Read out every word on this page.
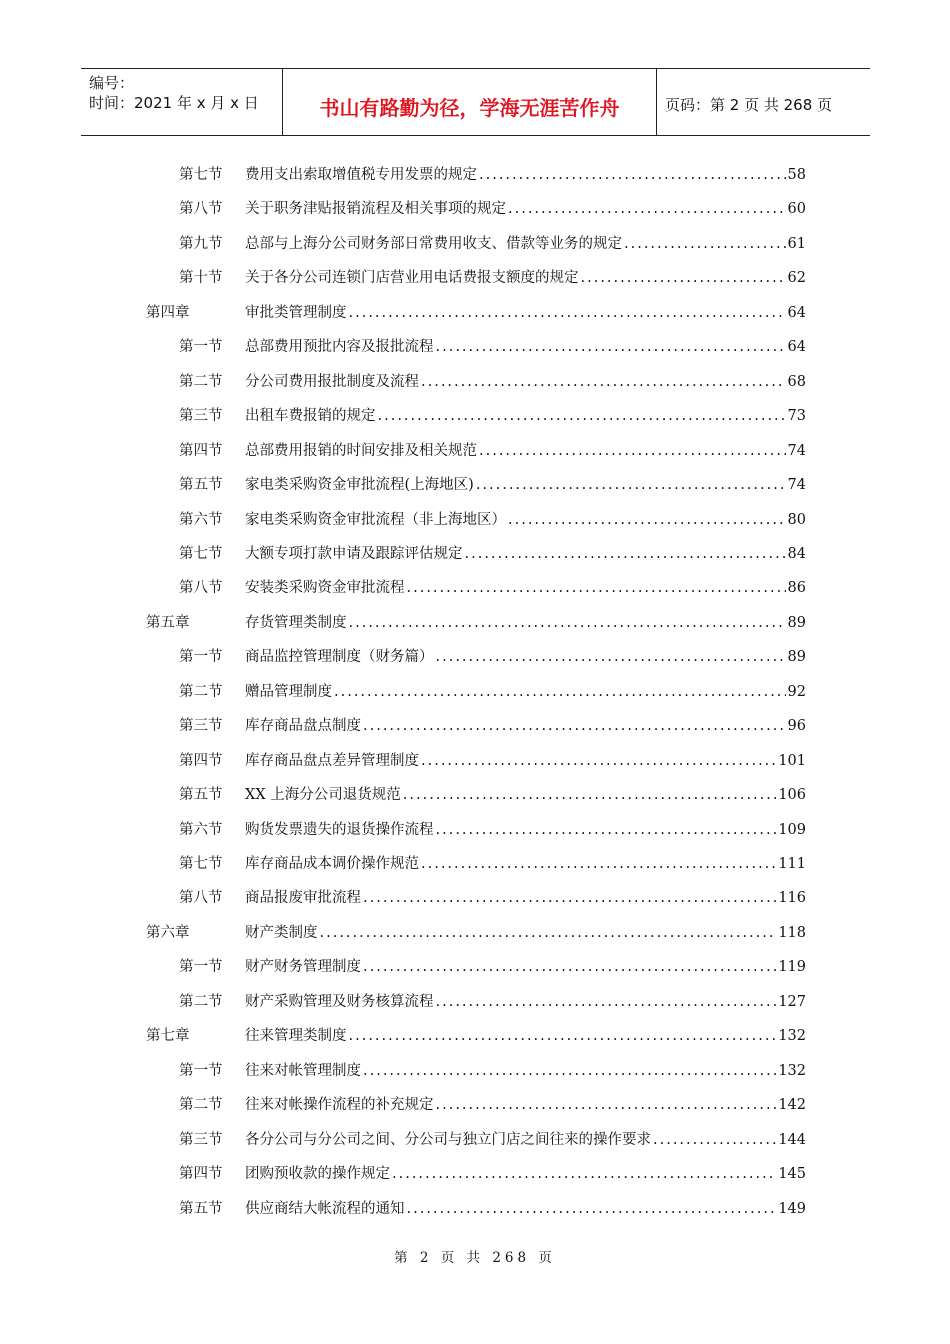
编号：
时间：2021 年 x 月 x 日	书山有路勤为径，学海无涯苦作舟	页码：第 2 页 共 268 页
第七节	费用支出索取增值税专用发票的规定 .....	58
第八节	关于职务津贴报销流程及相关事项的规定 .....	60
第九节	总部与上海分公司财务部日常费用收支、借款等业务的规定 .....	61
第十节	关于各分公司连锁门店营业用电话费报支额度的规定 .....	62
第四章	审批类管理制度 .....	64
第一节	总部费用预批内容及报批流程 .....	64
第二节	分公司费用报批制度及流程 .....	68
第三节	出租车费报销的规定 .....	73
第四节	总部费用报销的时间安排及相关规范 .....	74
第五节	家电类采购资金审批流程(上海地区) .....	74
第六节	家电类采购资金审批流程（非上海地区） .....	80
第七节	大额专项打款申请及跟踪评估规定 .....	84
第八节	安装类采购资金审批流程 .....	86
第五章	存货管理类制度 .....	89
第一节	商品监控管理制度（财务篇） .....	89
第二节	赠品管理制度 .....	92
第三节	库存商品盘点制度 .....	96
第四节	库存商品盘点差异管理制度 .....	101
第五节	XX 上海分公司退货规范 .....	106
第六节	购货发票遗失的退货操作流程 .....	109
第七节	库存商品成本调价操作规范 .....	111
第八节	商品报废审批流程 .....	116
第六章	财产类制度 .....	118
第一节	财产财务管理制度 .....	119
第二节	财产采购管理及财务核算流程 .....	127
第七章	往来管理类制度 .....	132
第一节	往来对帐管理制度 .....	132
第二节	往来对帐操作流程的补充规定 .....	142
第三节	各分公司与分公司之间、分公司与独立门店之间往来的操作要求 .....	144
第四节	团购预收款的操作规定 .....	145
第五节	供应商结大帐流程的通知 .....	149
第 2 页 共 268 页
